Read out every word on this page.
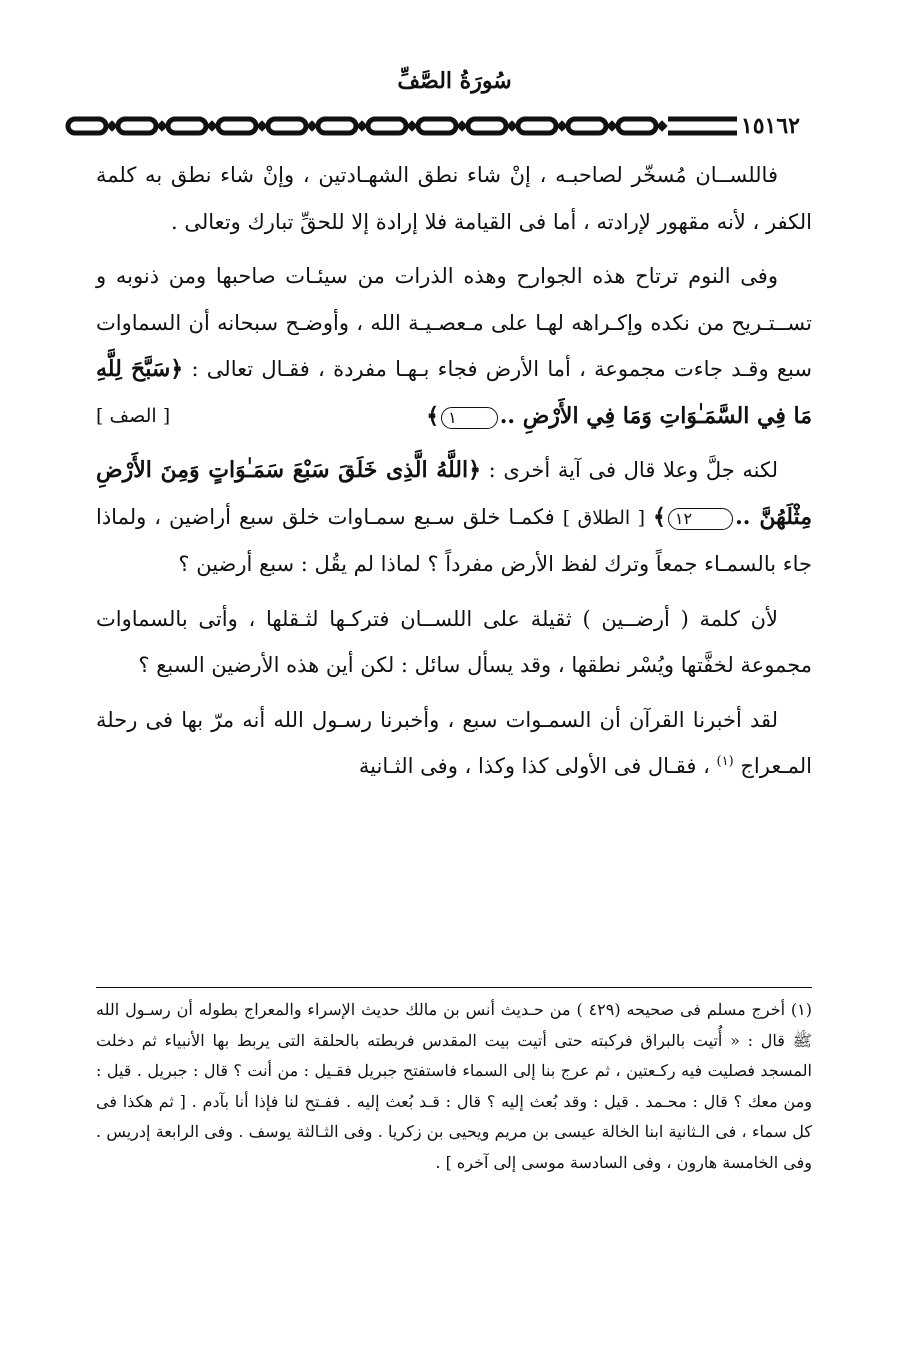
سُورَةُ الصَّفِّ
١٥١٦٢

فاللســان مُسخّر لصاحبـه ، إنْ شاء نطق الشهـادتين ، وإنْ شاء نطق به كلمة الكفر ، لأنه مقهور لإرادته ، أما فى القيامة فلا إرادة إلا للحقِّ تبارك وتعالى .

وفى النوم ترتاح هذه الجوارح وهذه الذرات من سيئـات صاحبها ومن ذنوبه و تســتـريح من نكده وإكـراهه لهـا على مـعصـيـة الله ، وأوضـح سبحانه أن السماوات سبع وقـد جاءت مجموعة ، أما الأرض فجاء بـهـا مفردة ، فقـال تعالى : ﴿سَبَّحَ لِلَّهِ مَا فِي السَّمَـٰوَاتِ وَمَا فِي الأَرْضِ ..١﴾
[ الصف ]

لكنه جلَّ وعلا قال فى آية أخرى : ﴿اللَّهُ الَّذِى خَلَقَ سَبْعَ سَمَـٰوَاتٍ وَمِنَ الأَرْضِ مِثْلَهُنَّ ..١٢﴾ [ الطلاق ] فكمـا خلق سـبع سمـاوات خلق سبع أراضين ، ولماذا جاء بالسمـاء جمعاً وترك لفظ الأرض مفرداً ؟ لماذا لم يقُل : سبع أرضين ؟

لأن كلمة ( أرضــين ) ثقيلة على اللســان فتركـها لثـقلها ، وأتى بالسماوات مجموعة لخفَّتها ويُسْر نطقها ، وقد يسأل سائل : لكن أين هذه الأرضين السبع ؟

لقد أخبرنا القرآن أن السمـوات سبع ، وأخبرنا رسـول الله أنه مرّ بها فى رحلة المـعراج $^{(١)}$ ، فقـال فى الأولى كذا وكذا ، وفى الثـانية

(١) أخرج مسلم فى صحيحه (٤٢٩ ) من حـديث أنس بن مالك حديث الإسراء والمعراج بطوله أن رسـول الله ﷺ قال : « أُتيت بالبراق فركبته حتى أتيت بيت المقدس فربطته بالحلقة التى يربط بها الأنبياء ثم دخلت المسجد فصليت فيه ركـعتين ، ثم عرج بنا إلى السماء فاستفتح جبريل فقـيل : من أنت ؟ قال : جبريل . قيل : ومن معك ؟ قال : محـمد . قيل : وقد بُعث إليه ؟ قال : قـد بُعث إليه . ففـتح لنا فإذا أنا بآدم . [ ثم هكذا فى كل سماء ، فى الـثانية ابنا الخالة عيسى بن مريم ويحيى بن زكريا . وفى الثـالثة يوسف . وفى الرابعة إدريس . وفى الخامسة هارون ، وفى السادسة موسى إلى آخره ] .
